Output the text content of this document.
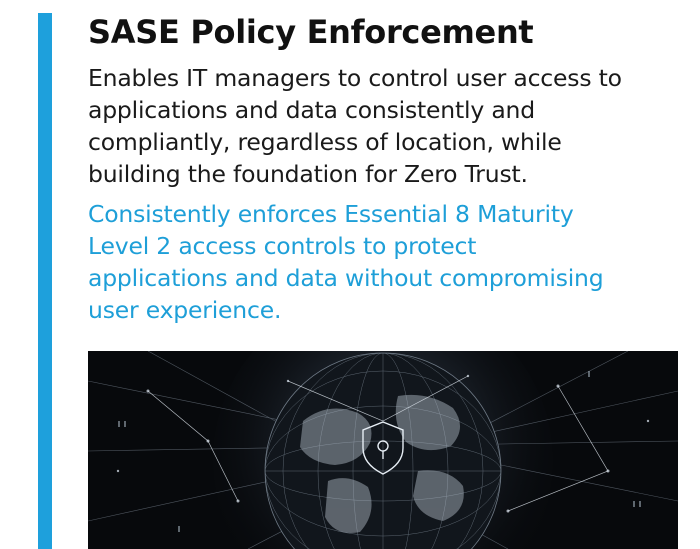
SASE Policy Enforcement

Enables IT managers to control user access to
applications and data consistently and
compliantly, regardless of location, while
building the foundation for Zero Trust.

Consistently enforces Essential 8 Maturity
Level 2 access controls to protect
applications and data without compromising
user experience.
